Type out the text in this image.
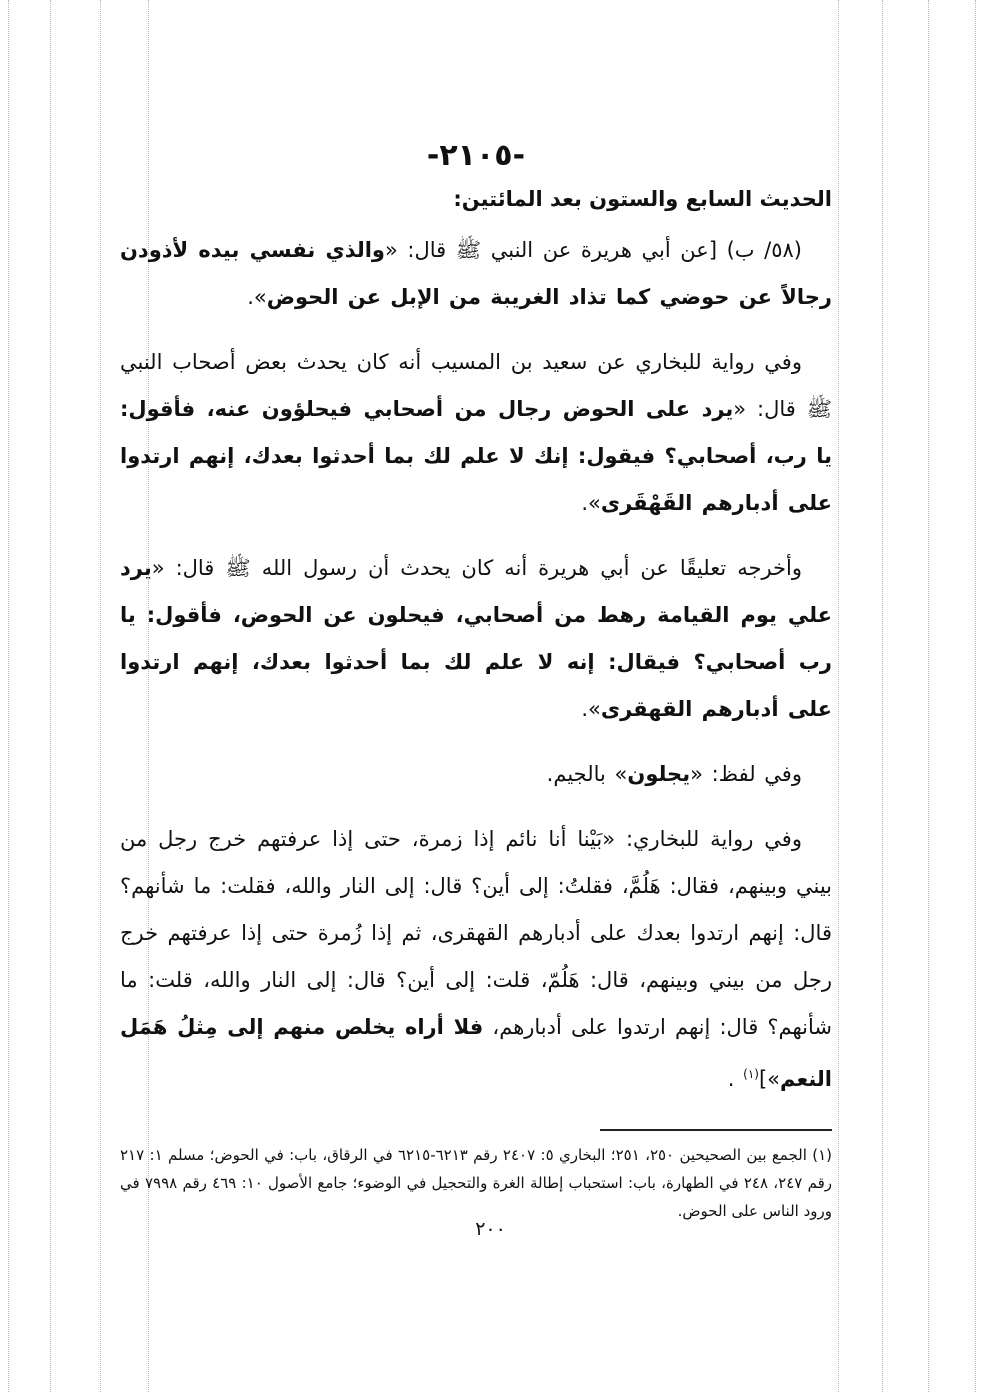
-٢١٠٥-
الحديث السابع والستون بعد المائتين:

(٥٨/ ب) [عن أبي هريرة عن النبي ﷺ قال: «والذي نفسي بيده لأذودن رجالاً عن حوضي كما تذاد الغريبة من الإبل عن الحوض».

وفي رواية للبخاري عن سعيد بن المسيب أنه كان يحدث بعض أصحاب النبي ﷺ قال: «يرد على الحوض رجال من أصحابي فيحلؤون عنه، فأقول: يا رب، أصحابي؟ فيقول: إنك لا علم لك بما أحدثوا بعدك، إنهم ارتدوا على أدبارهم القَهْقَرى».

وأخرجه تعليقًا عن أبي هريرة أنه كان يحدث أن رسول الله ﷺ قال: «يرد علي يوم القيامة رهط من أصحابي، فيحلون عن الحوض، فأقول: يا رب أصحابي؟ فيقال: إنه لا علم لك بما أحدثوا بعدك، إنهم ارتدوا على أدبارهم القهقرى».

وفي لفظ: «يجلون» بالجيم.

وفي رواية للبخاري: «بَيْنا أنا نائم إذا زمرة، حتى إذا عرفتهم خرج رجل من بيني وبينهم، فقال: هَلُمَّ، فقلتُ: إلى أين؟ قال: إلى النار والله، فقلت: ما شأنهم؟ قال: إنهم ارتدوا بعدك على أدبارهم القهقرى، ثم إذا زُمرة حتى إذا عرفتهم خرج رجل من بيني وبينهم، قال: هَلُمّ، قلت: إلى أين؟ قال: إلى النار والله، قلت: ما شأنهم؟ قال: إنهم ارتدوا على أدبارهم، فلا أراه يخلص منهم إلى مِثلُ هَمَل النعم»]$^{(١)}$ .

(١) الجمع بين الصحيحين ٢٥٠، ٢٥١؛ البخاري ٥: ٢٤٠٧ رقم ٦٢١٣-٦٢١٥ في الرقاق، باب: في الحوض؛ مسلم ١: ٢١٧ رقم ٢٤٧، ٢٤٨ في الطهارة، باب: استحباب إطالة الغرة والتحجيل في الوضوء؛ جامع الأصول ١٠: ٤٦٩ رقم ٧٩٩٨ في ورود الناس على الحوض.

٢٠٠
